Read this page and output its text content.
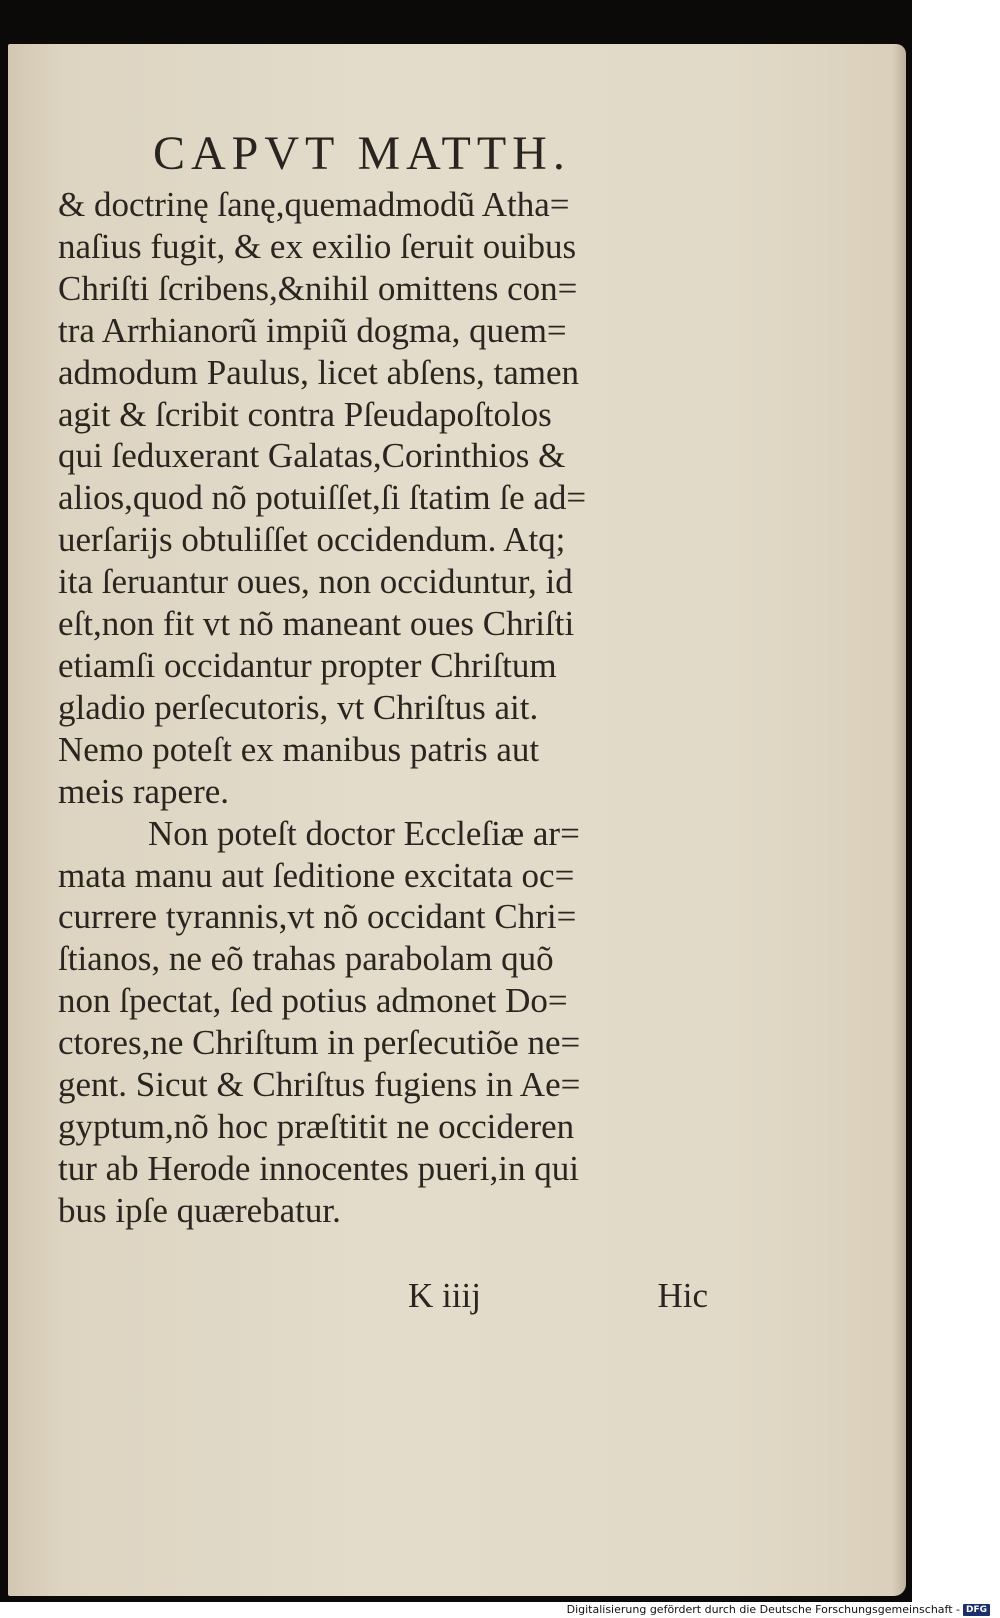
CAPVT MATTH.
& doctrinę ſanę,quemadmodũ Atha=
naſius fugit, & ex exilio ſeruit ouibus
Chriſti ſcribens,&nihil omittens con=
tra Arrhianorũ impiũ dogma, quem=
admodum Paulus, licet abſens, tamen
agit & ſcribit contra Pſeudapoſtolos
qui ſeduxerant Galatas,Corinthios &
alios,quod nõ potuiſſet,ſi ſtatim ſe ad=
uerſarijs obtuliſſet occidendum. Atq;
ita ſeruantur oues, non occiduntur, id
eſt,non fit vt nõ maneant oues Chriſti
etiamſi occidantur propter Chriſtum
gladio perſecutoris, vt Chriſtus ait.
Nemo poteſt ex manibus patris aut
meis rapere.
Non poteſt doctor Eccleſiæ ar=
mata manu aut ſeditione excitata oc=
currere tyrannis,vt nõ occidant Chri=
ſtianos, ne eõ trahas parabolam quõ
non ſpectat, ſed potius admonet Do=
ctores,ne Chriſtum in perſecutiõe ne=
gent. Sicut & Chriſtus fugiens in Ae=
gyptum,nõ hoc præſtitit ne occideren
tur ab Herode innocentes pueri,in qui
bus ipſe quærebatur.
K iiij	Hic
Digitalisierung gefördert durch die Deutsche Forschungsgemeinschaft - DFG
